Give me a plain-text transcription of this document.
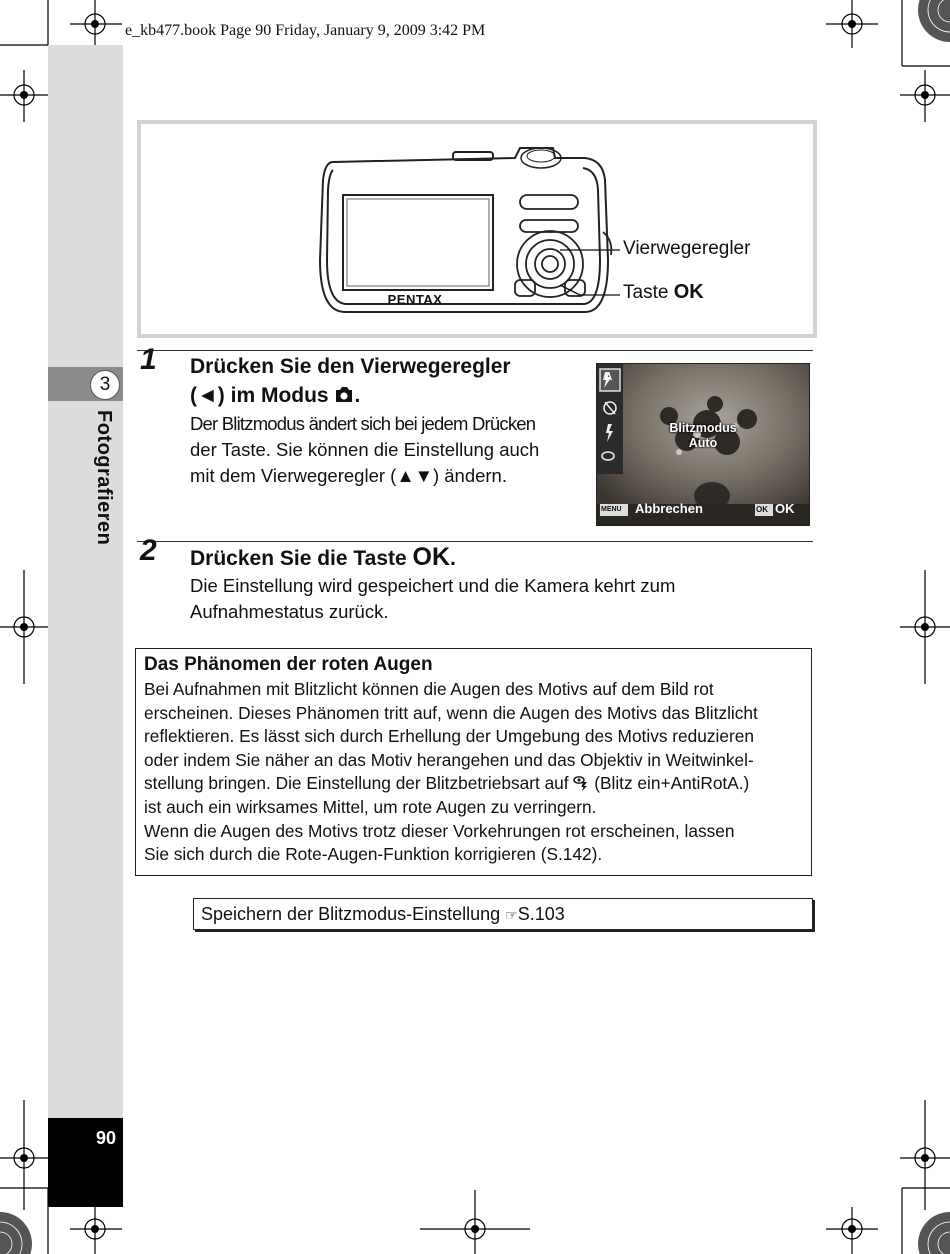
e_kb477.book Page 90 Friday, January 9, 2009 3:42 PM
3
Fotografieren
90
PENTAX
Vierwegeregler
Taste OK
1 Drücken Sie den Vierwegeregler
(◄) im Modus .
Der Blitzmodus ändert sich bei jedem Drücken
der Taste. Sie können die Einstellung auch
mit dem Vierwegeregler (▲▼) ändern.
A
Blitzmodus
Auto
MENU Abbrechen	OK OK
2 Drücken Sie die Taste OK.
Die Einstellung wird gespeichert und die Kamera kehrt zum
Aufnahmestatus zurück.
Das Phänomen der roten Augen

Bei Aufnahmen mit Blitzlicht können die Augen des Motivs auf dem Bild rot

erscheinen. Dieses Phänomen tritt auf, wenn die Augen des Motivs das Blitzlicht

reflektieren. Es lässt sich durch Erhellung der Umgebung des Motivs reduzieren

oder indem Sie näher an das Motiv herangehen und das Objektiv in Weitwinkel-

stellung bringen. Die Einstellung der Blitzbetriebsart auf  (Blitz ein+AntiRotA.)

ist auch ein wirksames Mittel, um rote Augen zu verringern.

Wenn die Augen des Motivs trotz dieser Vorkehrungen rot erscheinen, lassen

Sie sich durch die Rote-Augen-Funktion korrigieren (S.142).

Speichern der Blitzmodus-Einstellung ☞S.103
